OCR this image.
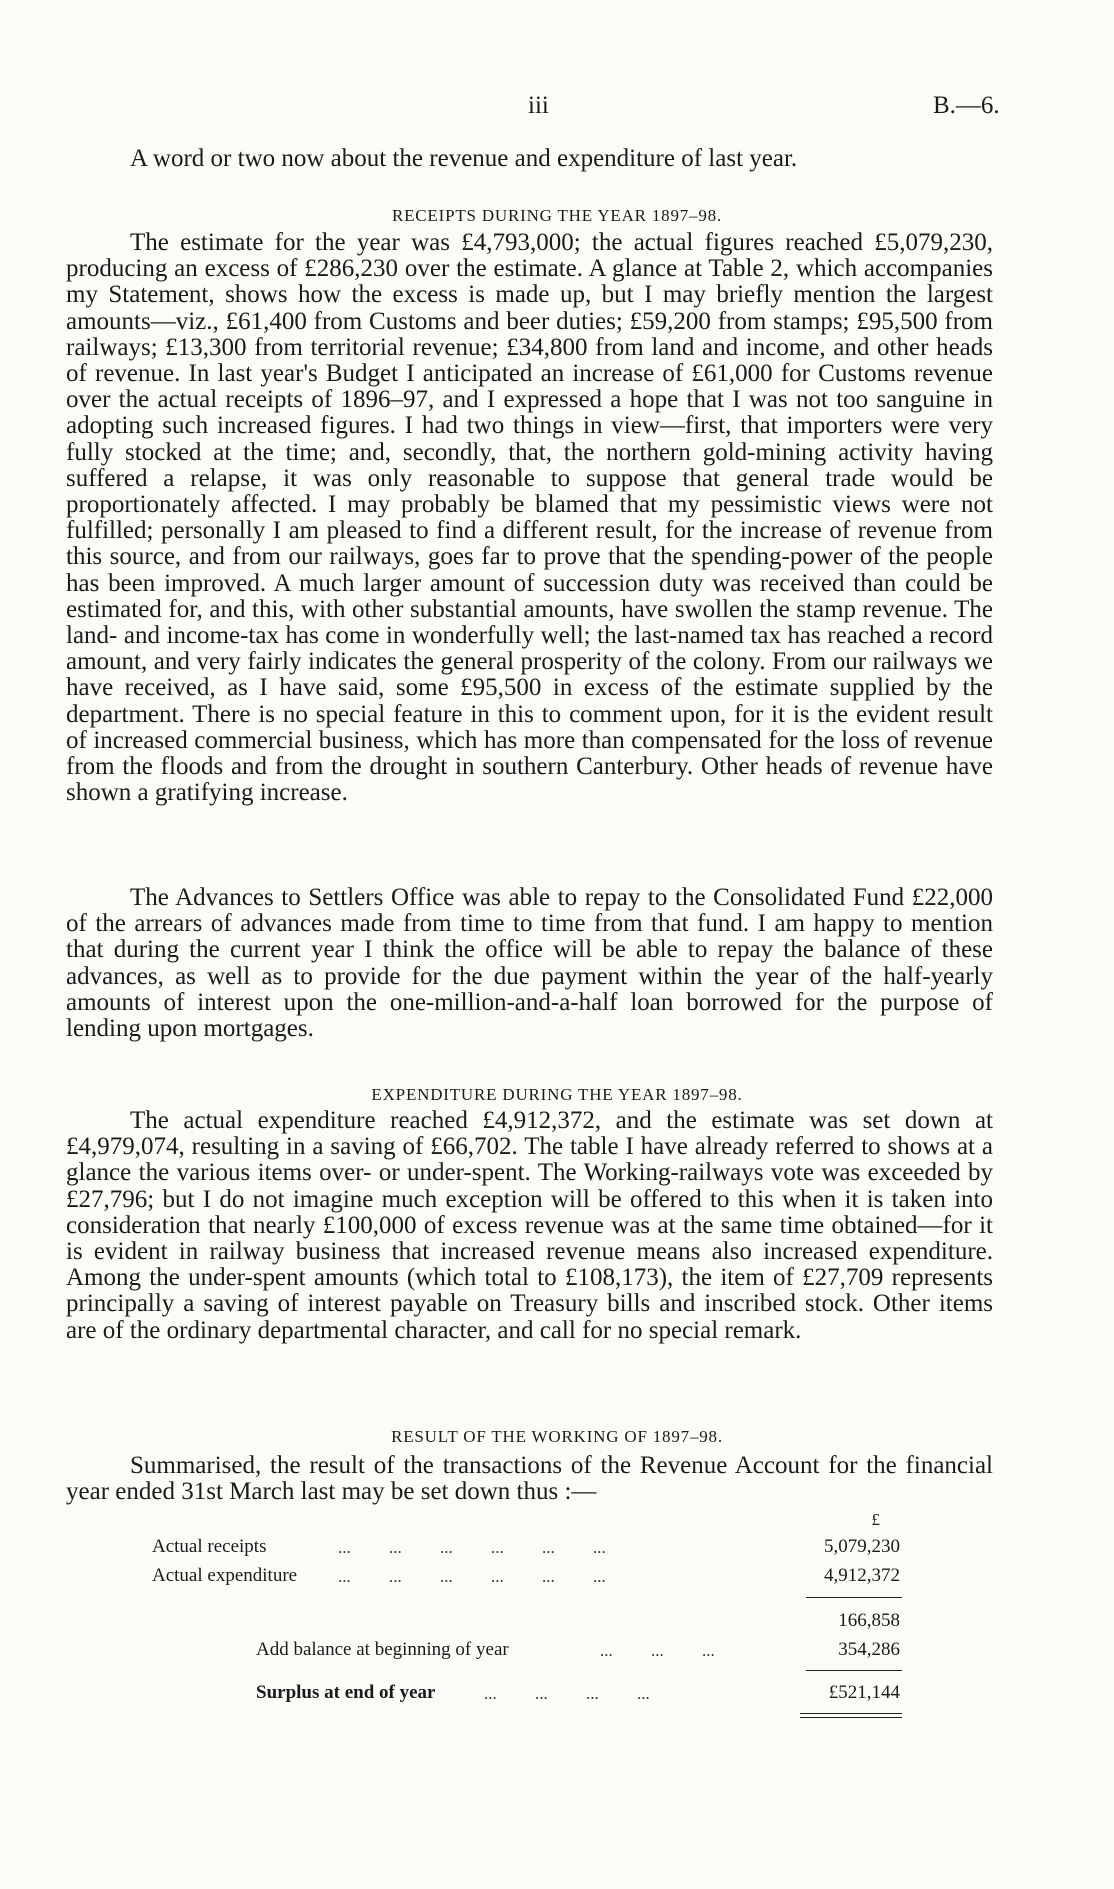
iii	B.—6.
A word or two now about the revenue and expenditure of last year.
RECEIPTS DURING THE YEAR 1897–98.

The estimate for the year was £4,793,000; the actual figures reached £5,079,230, producing an excess of £286,230 over the estimate. A glance at Table 2, which accompanies my Statement, shows how the excess is made up, but I may briefly mention the largest amounts—viz., £61,400 from Customs and beer duties; £59,200 from stamps; £95,500 from railways; £13,300 from territorial revenue; £34,800 from land and income, and other heads of revenue. In last year's Budget I anticipated an increase of £61,000 for Customs revenue over the actual receipts of 1896–97, and I expressed a hope that I was not too sanguine in adopting such increased figures. I had two things in view—first, that importers were very fully stocked at the time; and, secondly, that, the northern gold-mining activity having suffered a relapse, it was only reasonable to suppose that general trade would be proportionately affected. I may probably be blamed that my pessimistic views were not fulfilled; personally I am pleased to find a different result, for the increase of revenue from this source, and from our railways, goes far to prove that the spending-power of the people has been improved. A much larger amount of succession duty was received than could be estimated for, and this, with other substantial amounts, have swollen the stamp revenue. The land- and income-tax has come in wonderfully well; the last-named tax has reached a record amount, and very fairly indicates the general prosperity of the colony. From our railways we have received, as I have said, some £95,500 in excess of the estimate supplied by the department. There is no special feature in this to comment upon, for it is the evident result of increased commercial business, which has more than compensated for the loss of revenue from the floods and from the drought in southern Canterbury. Other heads of revenue have shown a gratifying increase.

The Advances to Settlers Office was able to repay to the Consolidated Fund £22,000 of the arrears of advances made from time to time from that fund. I am happy to mention that during the current year I think the office will be able to repay the balance of these advances, as well as to provide for the due payment within the year of the half-yearly amounts of interest upon the one-million-and-a-half loan borrowed for the purpose of lending upon mortgages.

EXPENDITURE DURING THE YEAR 1897–98.

The actual expenditure reached £4,912,372, and the estimate was set down at £4,979,074, resulting in a saving of £66,702. The table I have already referred to shows at a glance the various items over- or under-spent. The Working-railways vote was exceeded by £27,796; but I do not imagine much exception will be offered to this when it is taken into consideration that nearly £100,000 of excess revenue was at the same time obtained—for it is evident in railway business that increased revenue means also increased expenditure. Among the under-spent amounts (which total to £108,173), the item of £27,709 represents principally a saving of interest payable on Treasury bills and inscribed stock. Other items are of the ordinary departmental character, and call for no special remark.

RESULT OF THE WORKING OF 1897–98.

Summarised, the result of the transactions of the Revenue Account for the financial year ended 31st March last may be set down thus :—

£
Actual receipts	...         ...         ...         ...         ...         ...	5,079,230
Actual expenditure ...         ...         ...         ...         ...         ...	4,912,372
166,858
Add balance at beginning of year	...         ...         ...	354,286
Surplus at end of year	...         ...         ...         ...	£521,144
